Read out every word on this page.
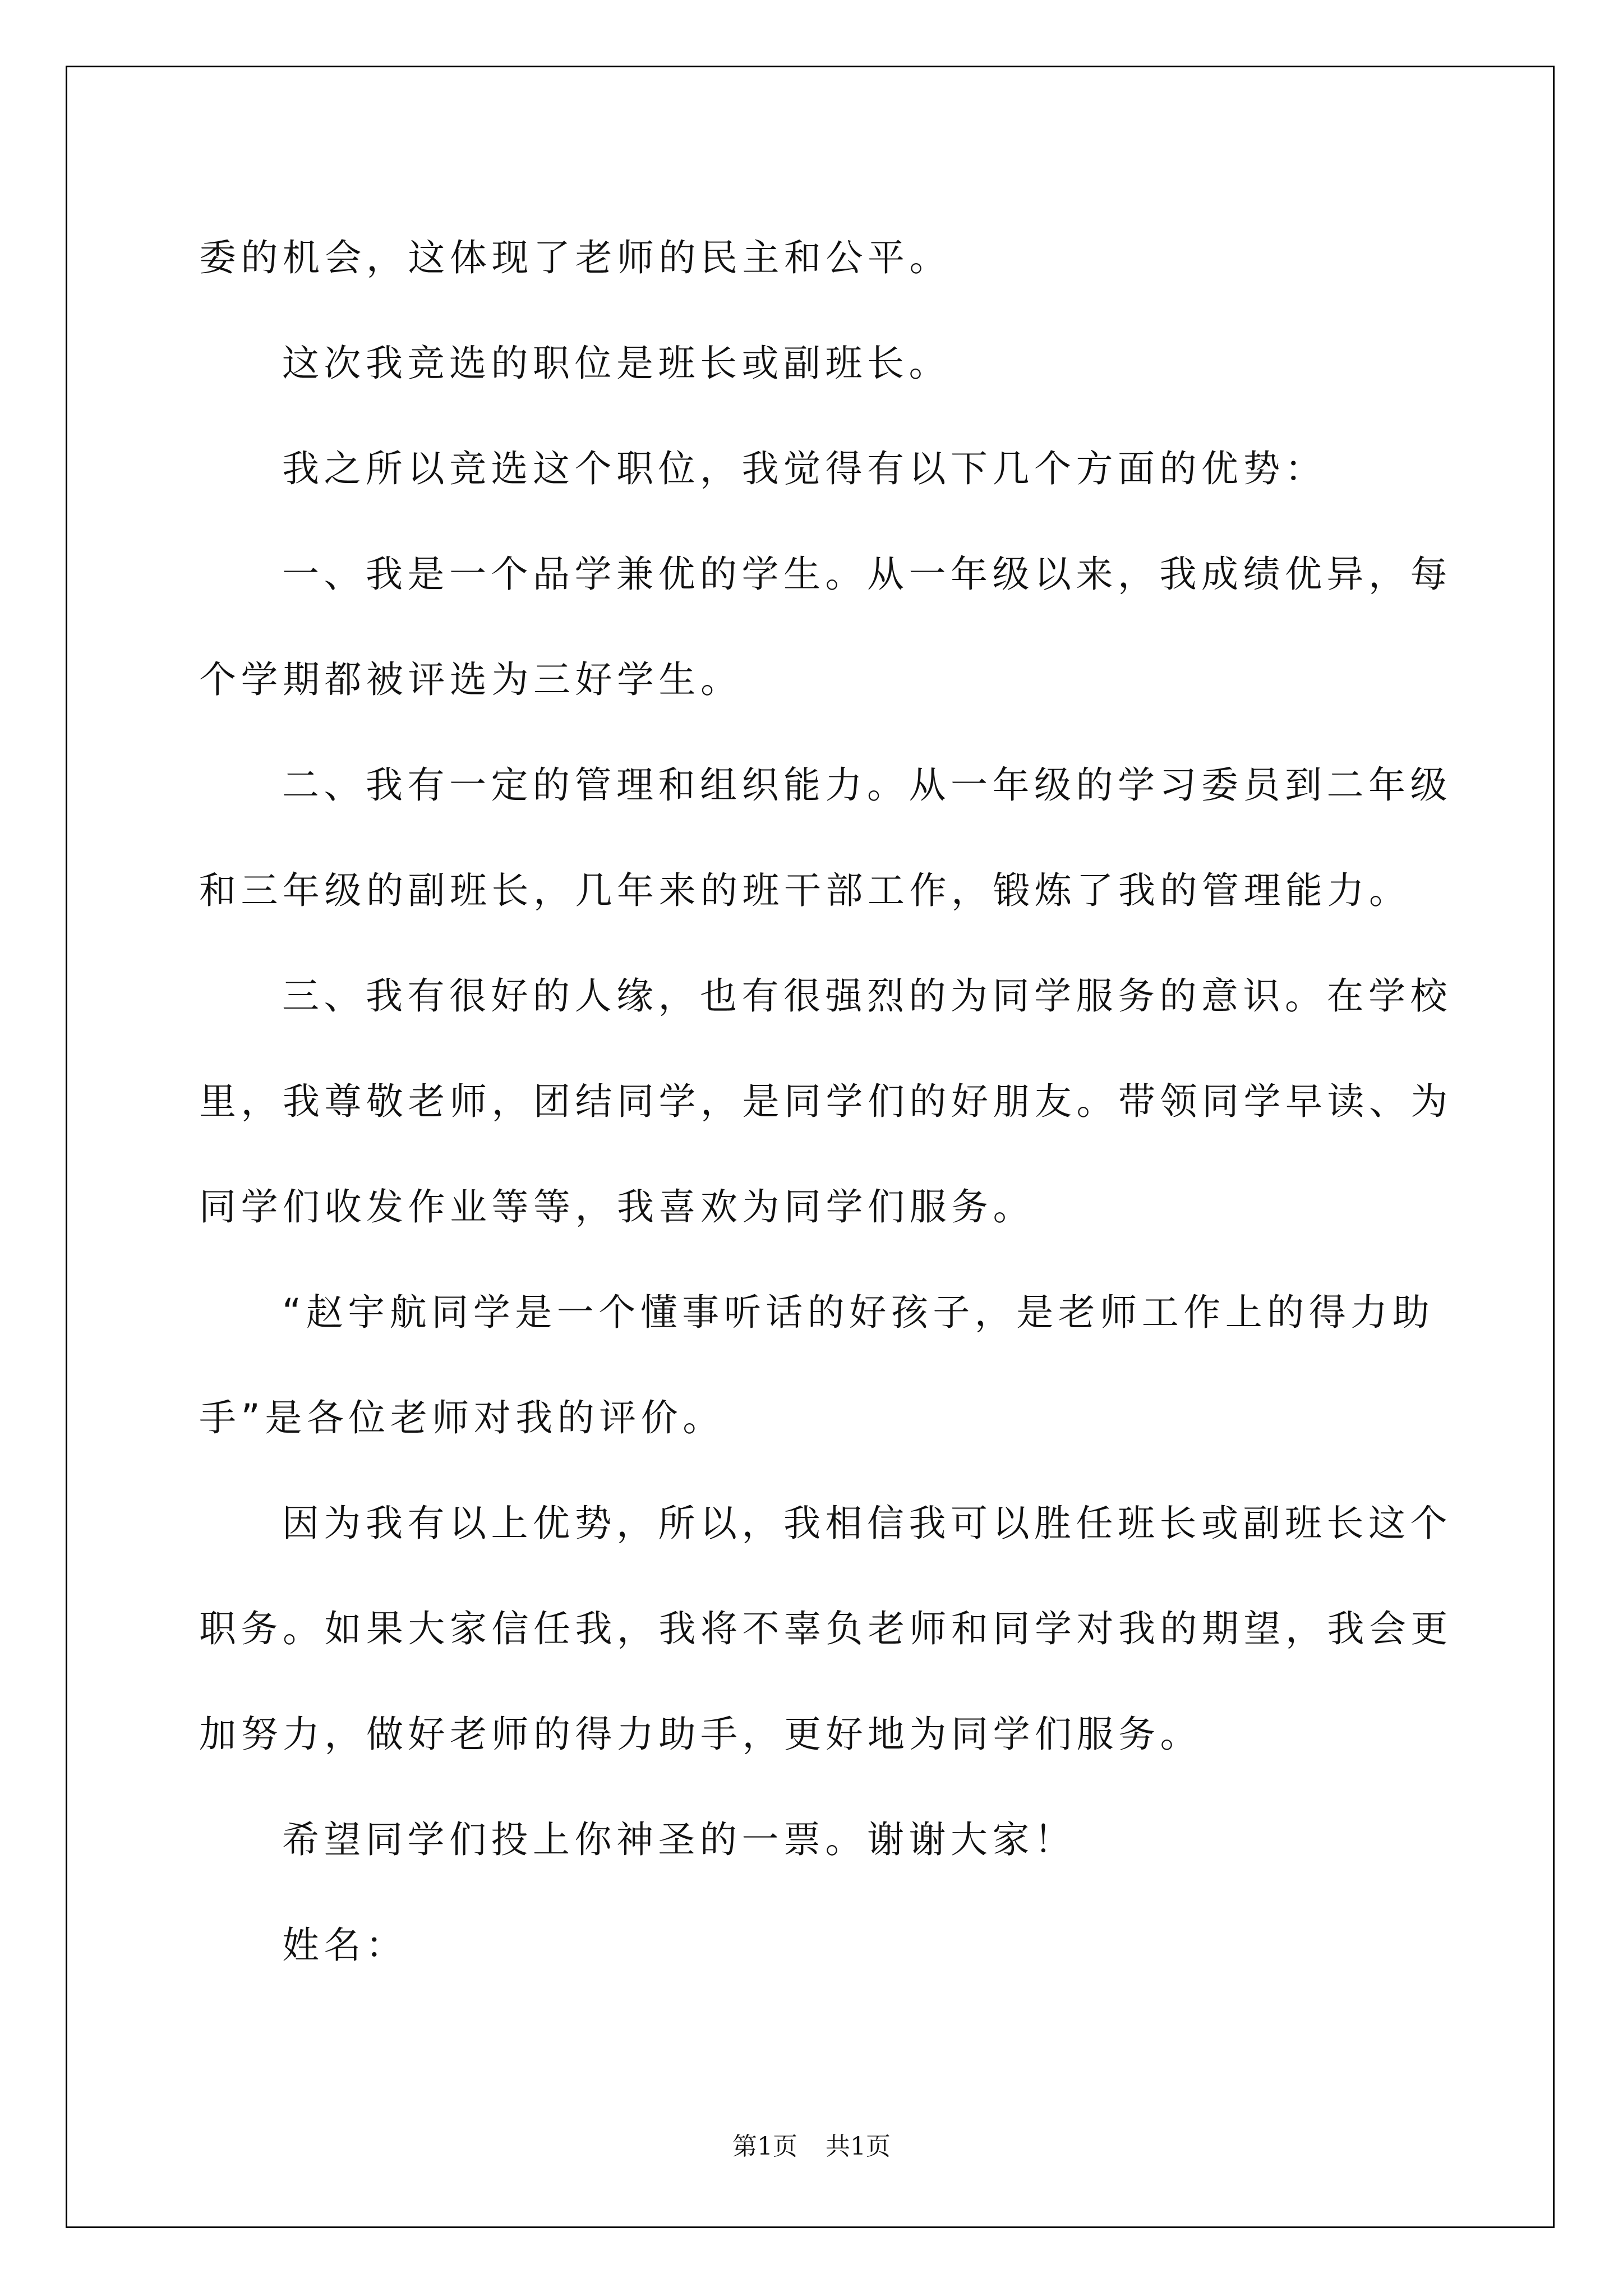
委的机会，这体现了老师的民主和公平。
这次我竞选的职位是班长或副班长。
我之所以竞选这个职位，我觉得有以下几个方面的优势：
一、我是一个品学兼优的学生。从一年级以来，我成绩优异，每
个学期都被评选为三好学生。
二、我有一定的管理和组织能力。从一年级的学习委员到二年级
和三年级的副班长，几年来的班干部工作，锻炼了我的管理能力。
三、我有很好的人缘，也有很强烈的为同学服务的意识。在学校
里，我尊敬老师，团结同学，是同学们的好朋友。带领同学早读、为
同学们收发作业等等，我喜欢为同学们服务。
“赵宇航同学是一个懂事听话的好孩子，是老师工作上的得力助
手”是各位老师对我的评价。
因为我有以上优势，所以，我相信我可以胜任班长或副班长这个
职务。如果大家信任我，我将不辜负老师和同学对我的期望，我会更
加努力，做好老师的得力助手，更好地为同学们服务。
希望同学们投上你神圣的一票。谢谢大家！
姓名：
第1页 共1页
